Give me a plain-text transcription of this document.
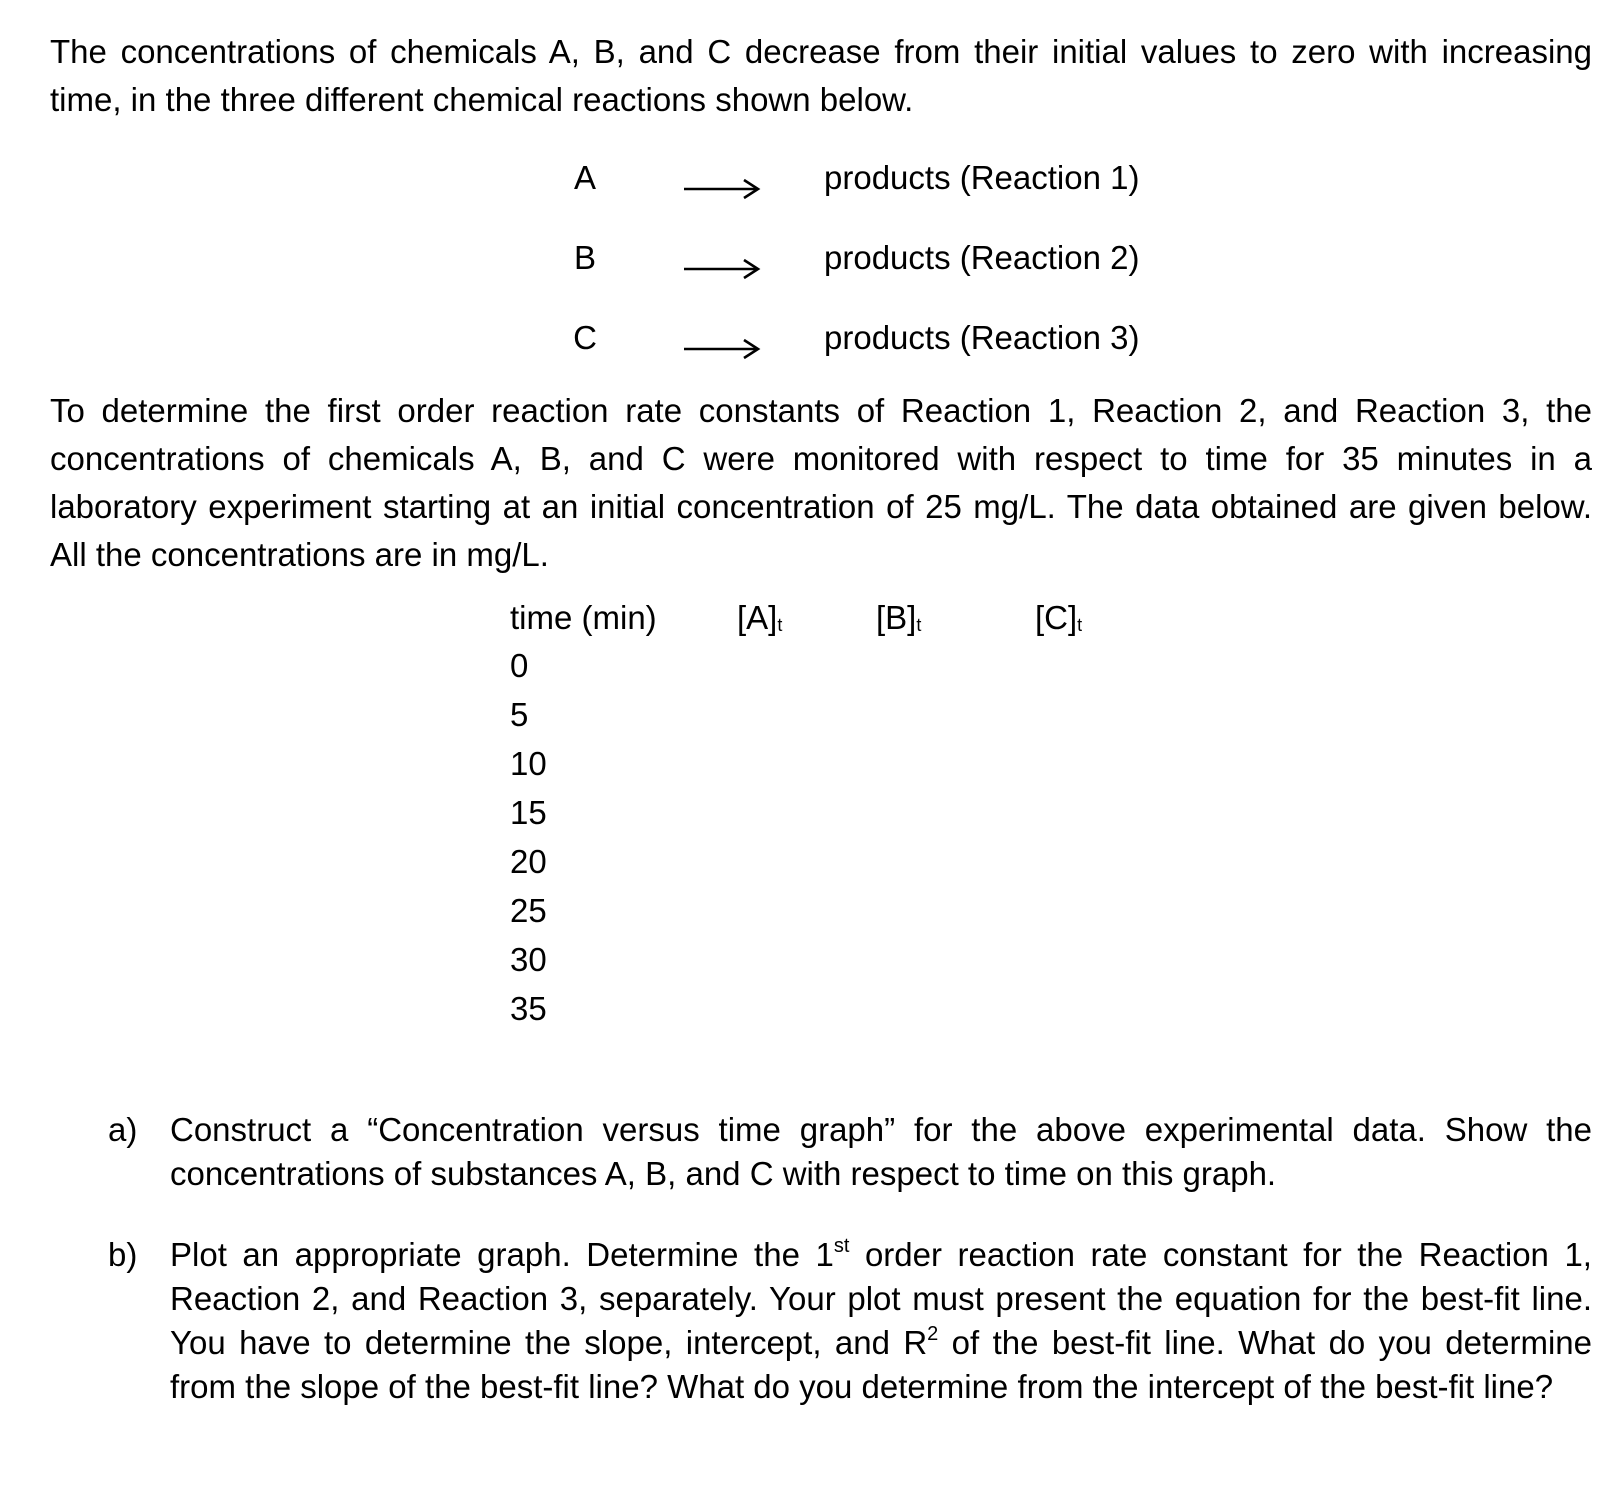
The concentrations of chemicals A, B, and C decrease from their initial values to zero with increasing time, in the three different chemical reactions shown below.

A	products (Reaction 1)
B	products (Reaction 2)
C	products (Reaction 3)

To determine the first order reaction rate constants of Reaction 1, Reaction 2, and Reaction 3, the concentrations of chemicals A, B, and C were monitored with respect to time for 35 minutes in a laboratory experiment starting at an initial concentration of 25 mg/L. The data obtained are given below. All the concentrations are in mg/L.

time (min) $[A]_t$	$[B]_t$	$[C]_t$
0
5
10
15
20
25
30
35
a) Construct a “Concentration versus time graph” for the above experimental data. Show the concentrations of substances A, B, and C with respect to time on this graph.
b) Plot an appropriate graph. Determine the 1st order reaction rate constant for the Reaction 1, Reaction 2, and Reaction 3, separately. Your plot must present the equation for the best-fit line. You have to determine the slope, intercept, and $R^2$ of the best-fit line. What do you determine from the slope of the best-fit line? What do you determine from the intercept of the best-fit line?
